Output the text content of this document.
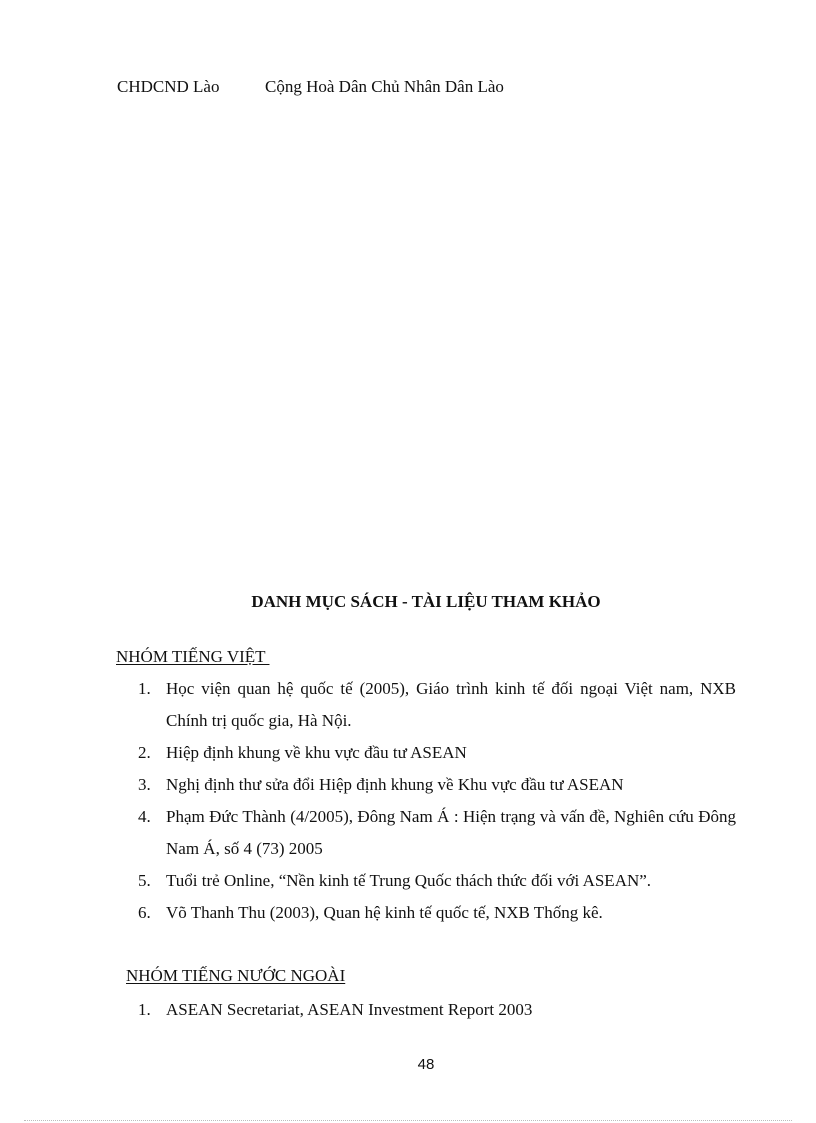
CHDCND Lào	Cộng Hoà Dân Chủ Nhân Dân Lào
DANH MỤC SÁCH - TÀI LIỆU THAM KHẢO
NHÓM TIẾNG VIỆT
1. Học viện quan hệ quốc tế (2005), Giáo trình kinh tế đối ngoại Việt nam, NXB Chính trị quốc gia, Hà Nội.
2. Hiệp định khung về khu vực đầu tư ASEAN
3. Nghị định thư sửa đổi Hiệp định khung về Khu vực đầu tư ASEAN
4. Phạm Đức Thành (4/2005), Đông Nam Á : Hiện trạng và vấn đề, Nghiên cứu Đông Nam Á, số 4 (73) 2005
5. Tuổi trẻ Online, “Nền kinh tế Trung Quốc thách thức đối với ASEAN”.
6. Võ Thanh Thu (2003), Quan hệ kinh tế quốc tế, NXB Thống kê.
NHÓM TIẾNG NƯỚC NGOÀI
1. ASEAN Secretariat, ASEAN Investment Report 2003
48
